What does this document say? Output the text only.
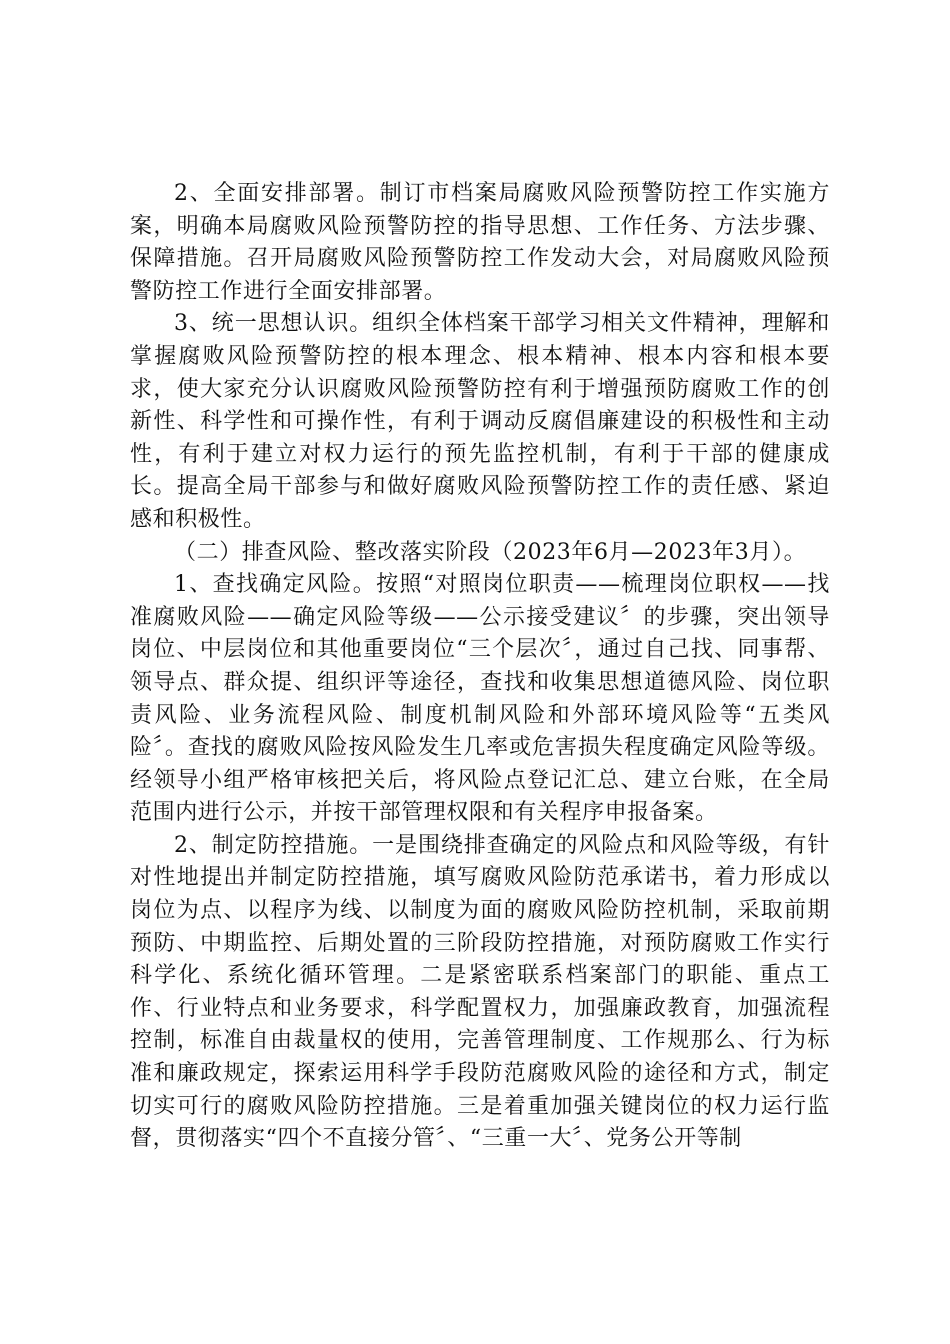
2、全面安排部署。制订市档案局腐败风险预警防控工作实施方案，明确本局腐败风险预警防控的指导思想、工作任务、方法步骤、保障措施。召开局腐败风险预警防控工作发动大会，对局腐败风险预警防控工作进行全面安排部署。

3、统一思想认识。组织全体档案干部学习相关文件精神，理解和掌握腐败风险预警防控的根本理念、根本精神、根本内容和根本要求，使大家充分认识腐败风险预警防控有利于增强预防腐败工作的创新性、科学性和可操作性，有利于调动反腐倡廉建设的积极性和主动性，有利于建立对权力运行的预先监控机制，有利于干部的健康成长。提高全局干部参与和做好腐败风险预警防控工作的责任感、紧迫感和积极性。

（二）排查风险、整改落实阶段（2023年6月—2023年3月）。

1、查找确定风险。按照“对照岗位职责——梳理岗位职权——找准腐败风险——确定风险等级——公示接受建议〞的步骤，突出领导岗位、中层岗位和其他重要岗位“三个层次〞，通过自己找、同事帮、领导点、群众提、组织评等途径，查找和收集思想道德风险、岗位职责风险、业务流程风险、制度机制风险和外部环境风险等“五类风险〞。查找的腐败风险按风险发生几率或危害损失程度确定风险等级。经领导小组严格审核把关后，将风险点登记汇总、建立台账，在全局范围内进行公示，并按干部管理权限和有关程序申报备案。

2、制定防控措施。一是围绕排查确定的风险点和风险等级，有针对性地提出并制定防控措施，填写腐败风险防范承诺书，着力形成以岗位为点、以程序为线、以制度为面的腐败风险防控机制，采取前期预防、中期监控、后期处置的三阶段防控措施，对预防腐败工作实行科学化、系统化循环管理。二是紧密联系档案部门的职能、重点工作、行业特点和业务要求，科学配置权力，加强廉政教育，加强流程控制，标准自由裁量权的使用，完善管理制度、工作规那么、行为标准和廉政规定，探索运用科学手段防范腐败风险的途径和方式，制定切实可行的腐败风险防控措施。三是着重加强关键岗位的权力运行监督，贯彻落实“四个不直接分管〞、“三重一大〞、党务公开等制
